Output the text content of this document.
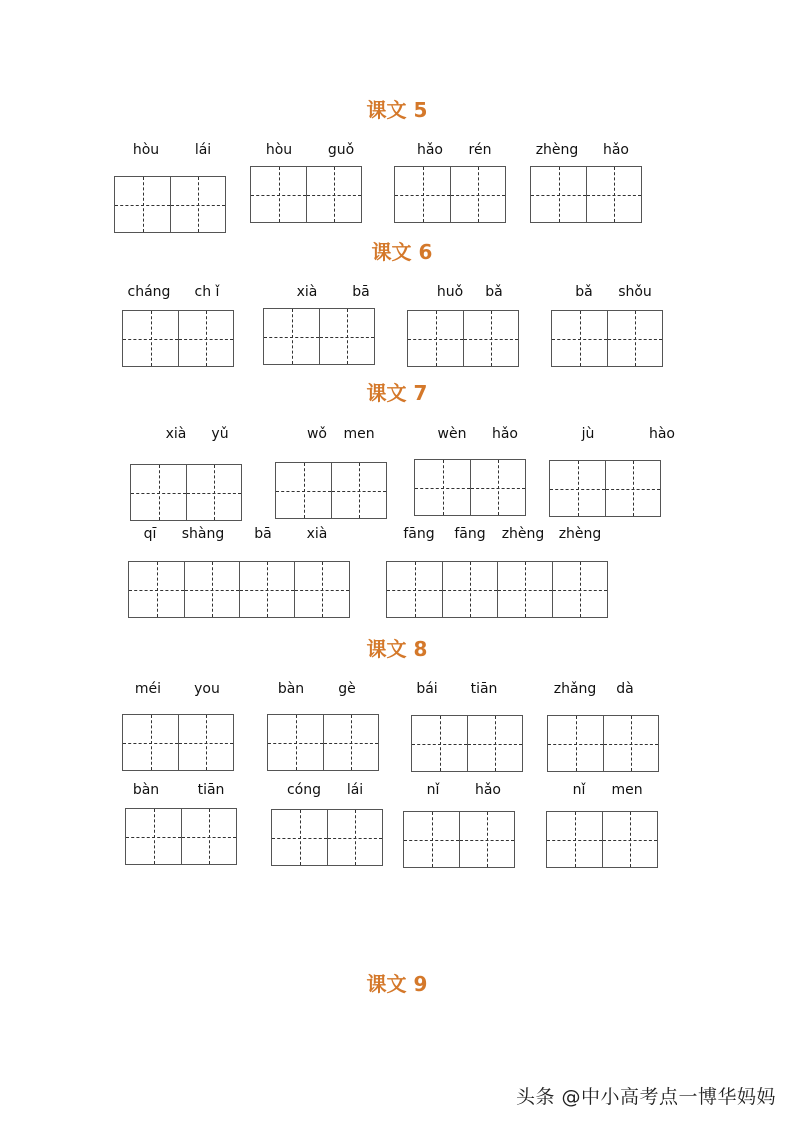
课文 5
课文 6
课文 7
课文 8
课文 9
hòu	lái	hòu	guǒ	hǎo	rén	zhèng	hǎo
cháng	ch ǐ	xià	bā	huǒ	bǎ	bǎ	shǒu
xià	yǔ	wǒ	men	wèn	hǎo	jù	hào
qī	shàng	bā	xià	fāng	fāng	zhèng	zhèng
méi	you	bàn	gè	bái	tiān	zhǎng	dà
bàn	tiān	cóng	lái	nǐ	hǎo	nǐ	men
头条 @中小高考点一博华妈妈
